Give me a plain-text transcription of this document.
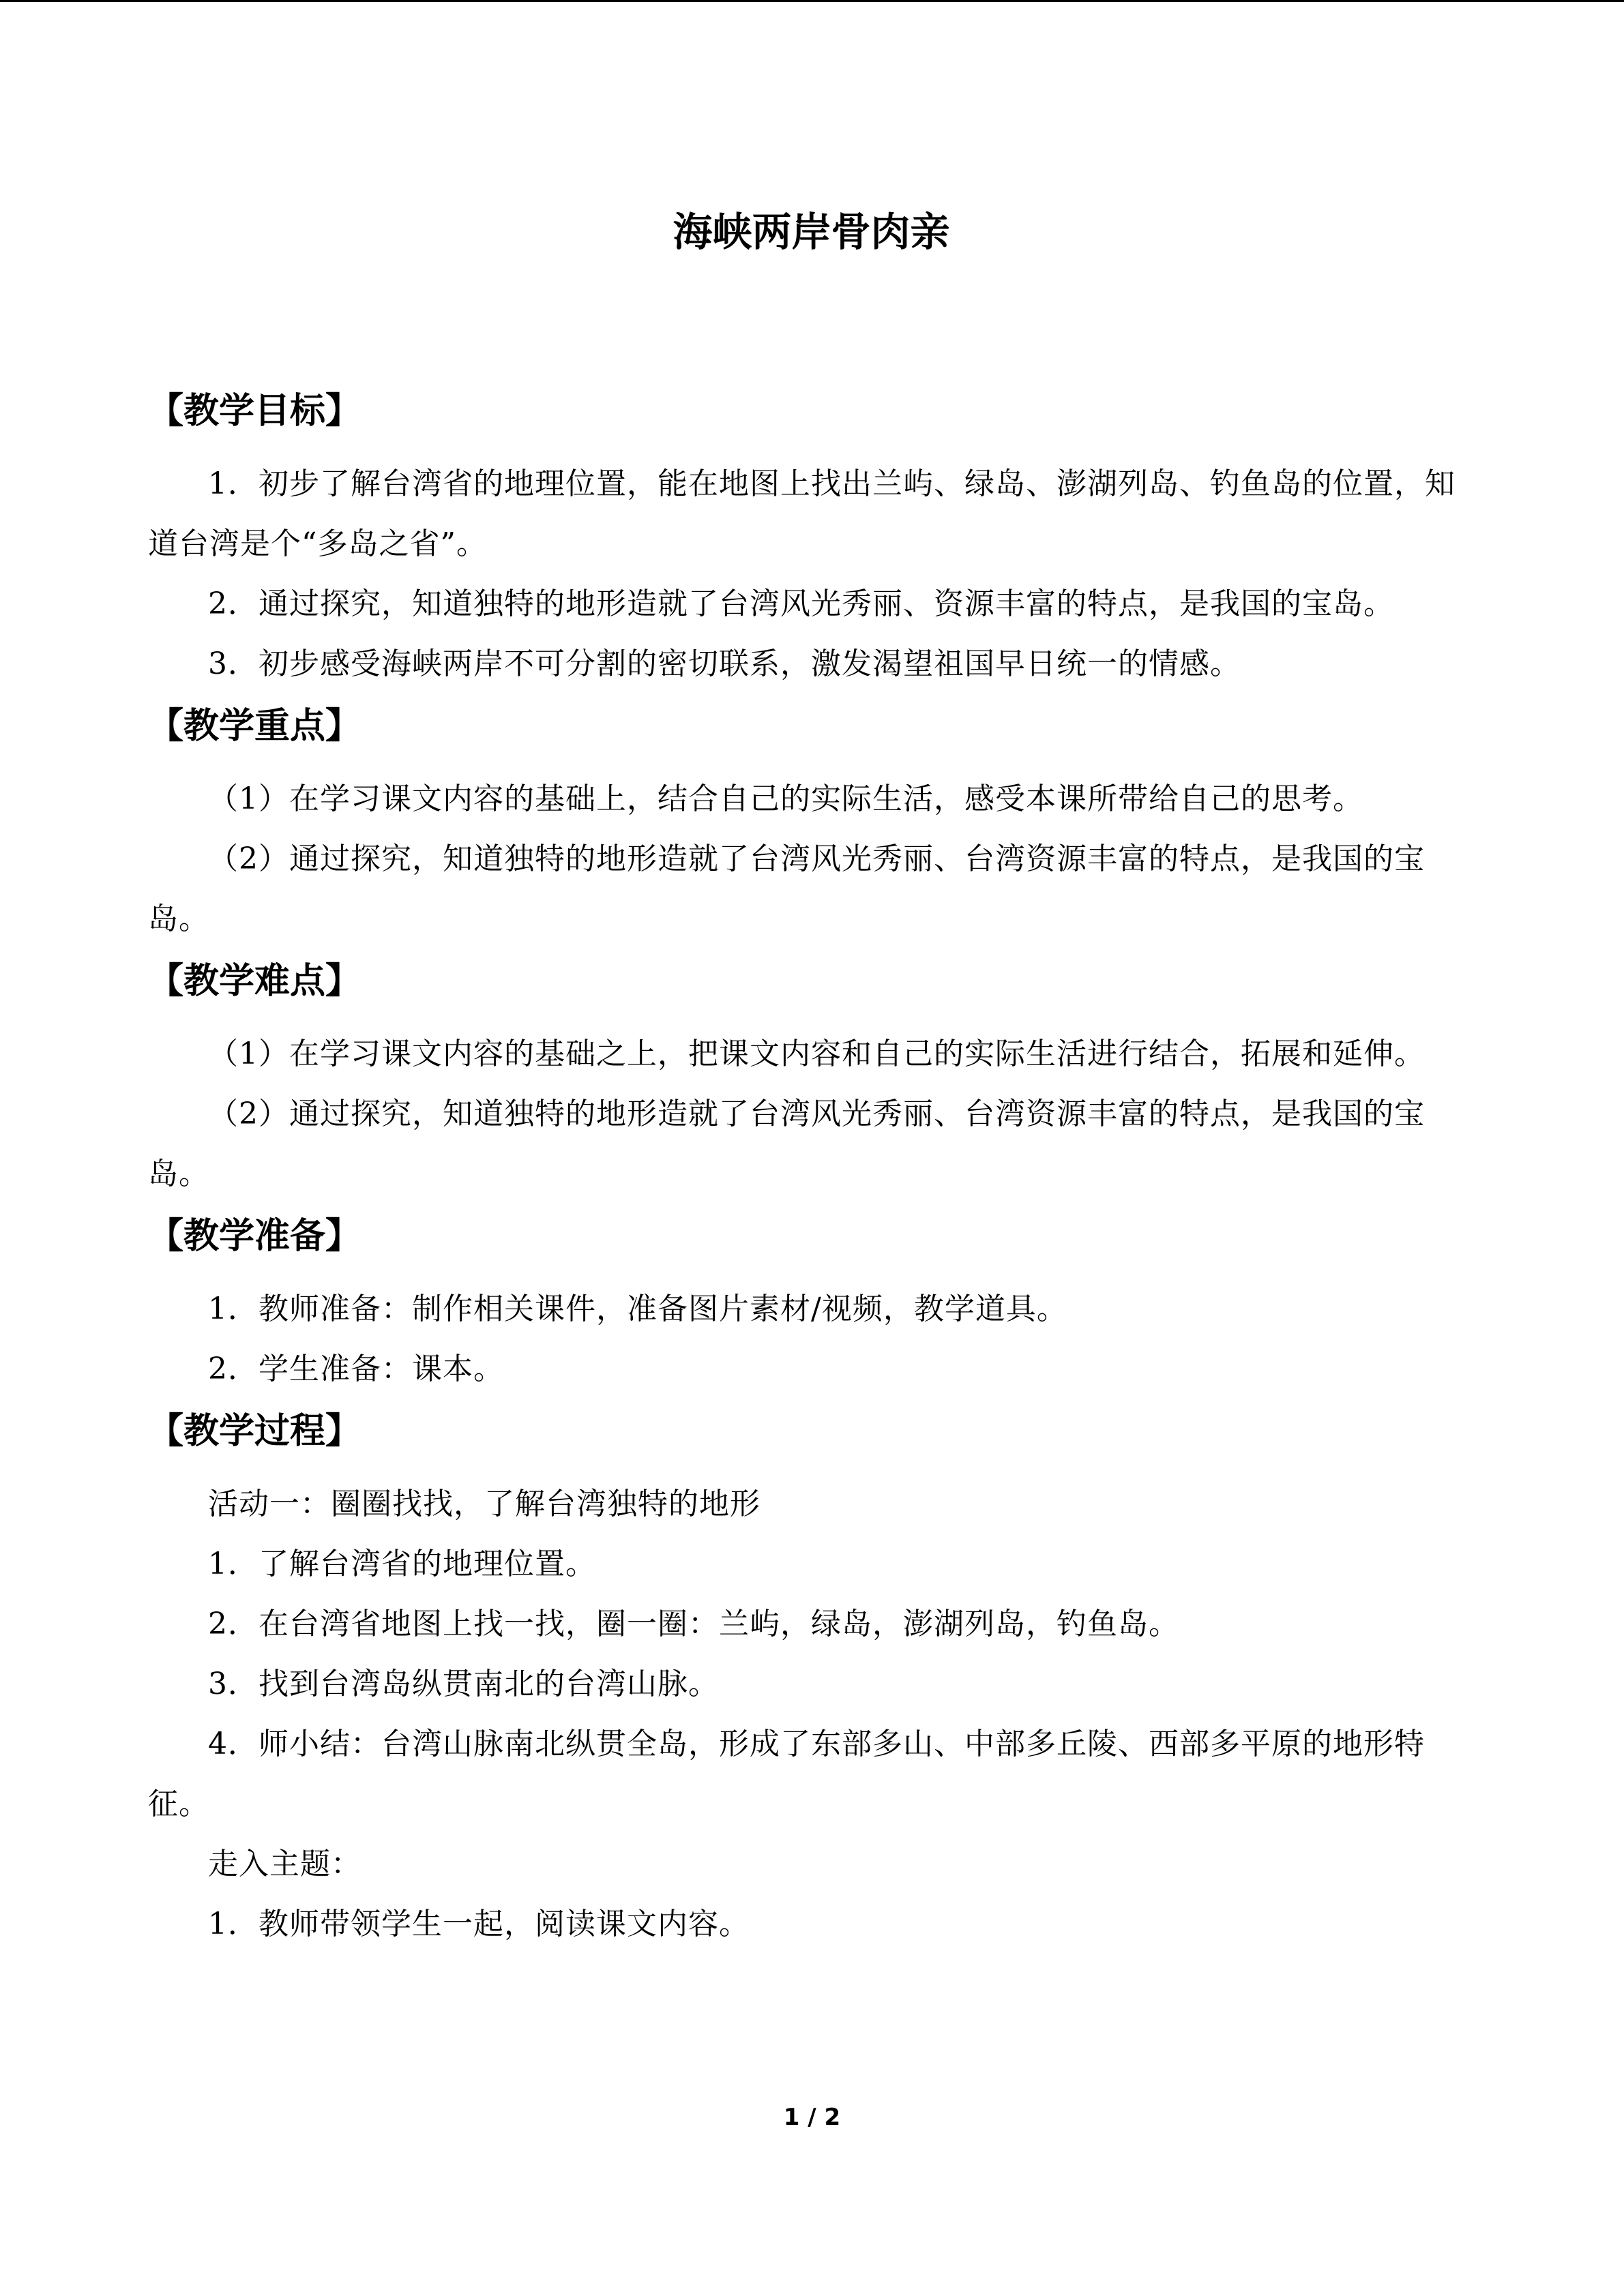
海峡两岸骨肉亲
【教学目标】

1．初步了解台湾省的地理位置，能在地图上找出兰屿、绿岛、澎湖列岛、钓鱼岛的位置，知道台湾是个“多岛之省”。

2．通过探究，知道独特的地形造就了台湾风光秀丽、资源丰富的特点，是我国的宝岛。

3．初步感受海峡两岸不可分割的密切联系，激发渴望祖国早日统一的情感。

【教学重点】

（1）在学习课文内容的基础上，结合自己的实际生活，感受本课所带给自己的思考。

（2）通过探究，知道独特的地形造就了台湾风光秀丽、台湾资源丰富的特点，是我国的宝岛。

【教学难点】

（1）在学习课文内容的基础之上，把课文内容和自己的实际生活进行结合，拓展和延伸。

（2）通过探究，知道独特的地形造就了台湾风光秀丽、台湾资源丰富的特点，是我国的宝岛。

【教学准备】

1．教师准备：制作相关课件，准备图片素材/视频，教学道具。

2．学生准备：课本。

【教学过程】

活动一：圈圈找找，了解台湾独特的地形

1．了解台湾省的地理位置。

2．在台湾省地图上找一找，圈一圈：兰屿，绿岛，澎湖列岛，钓鱼岛。

3．找到台湾岛纵贯南北的台湾山脉。

4．师小结：台湾山脉南北纵贯全岛，形成了东部多山、中部多丘陵、西部多平原的地形特征。

走入主题：

1．教师带领学生一起，阅读课文内容。

1 / 2
